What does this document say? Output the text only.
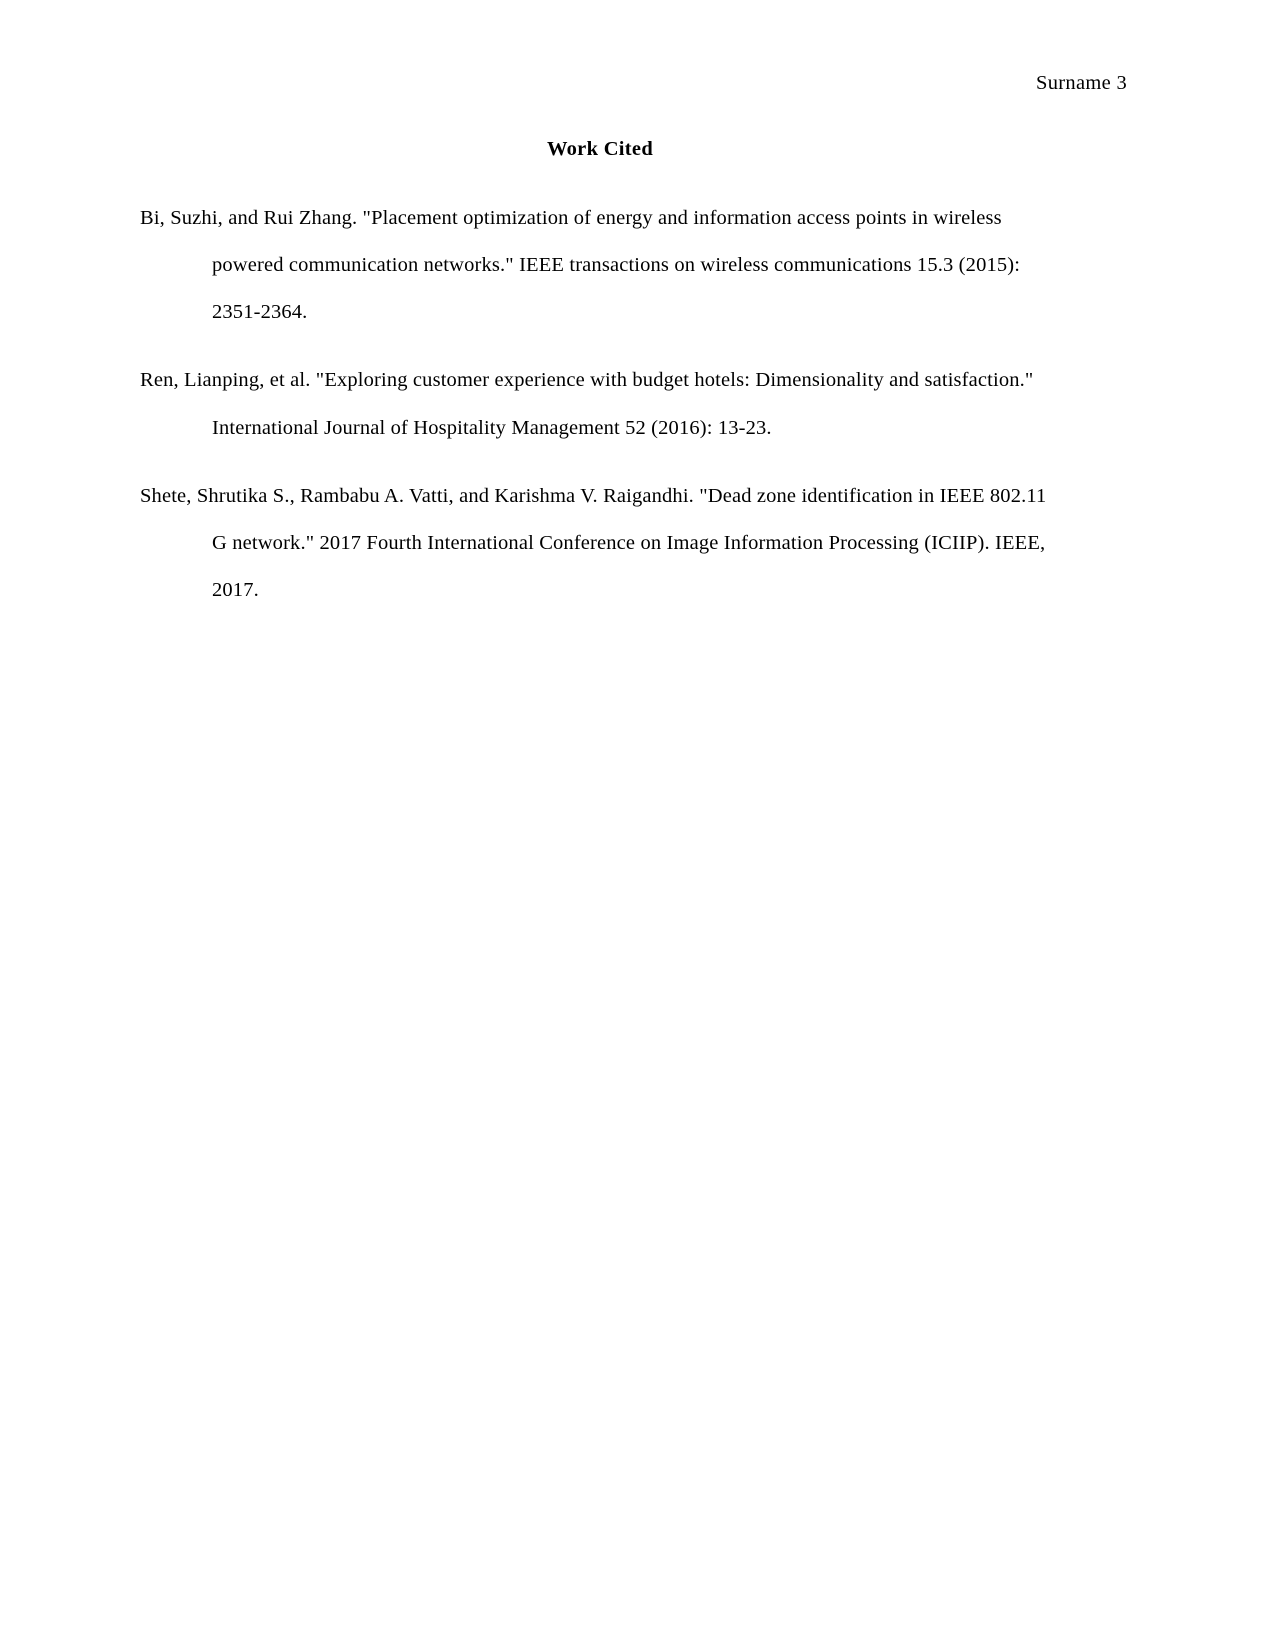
Surname 3
Work Cited

Bi, Suzhi, and Rui Zhang. "Placement optimization of energy and information access points in wireless powered communication networks." IEEE transactions on wireless communications 15.3 (2015): 2351-2364.

Ren, Lianping, et al. "Exploring customer experience with budget hotels: Dimensionality and satisfaction." International Journal of Hospitality Management 52 (2016): 13-23.

Shete, Shrutika S., Rambabu A. Vatti, and Karishma V. Raigandhi. "Dead zone identification in IEEE 802.11 G network." 2017 Fourth International Conference on Image Information Processing (ICIIP). IEEE, 2017.
